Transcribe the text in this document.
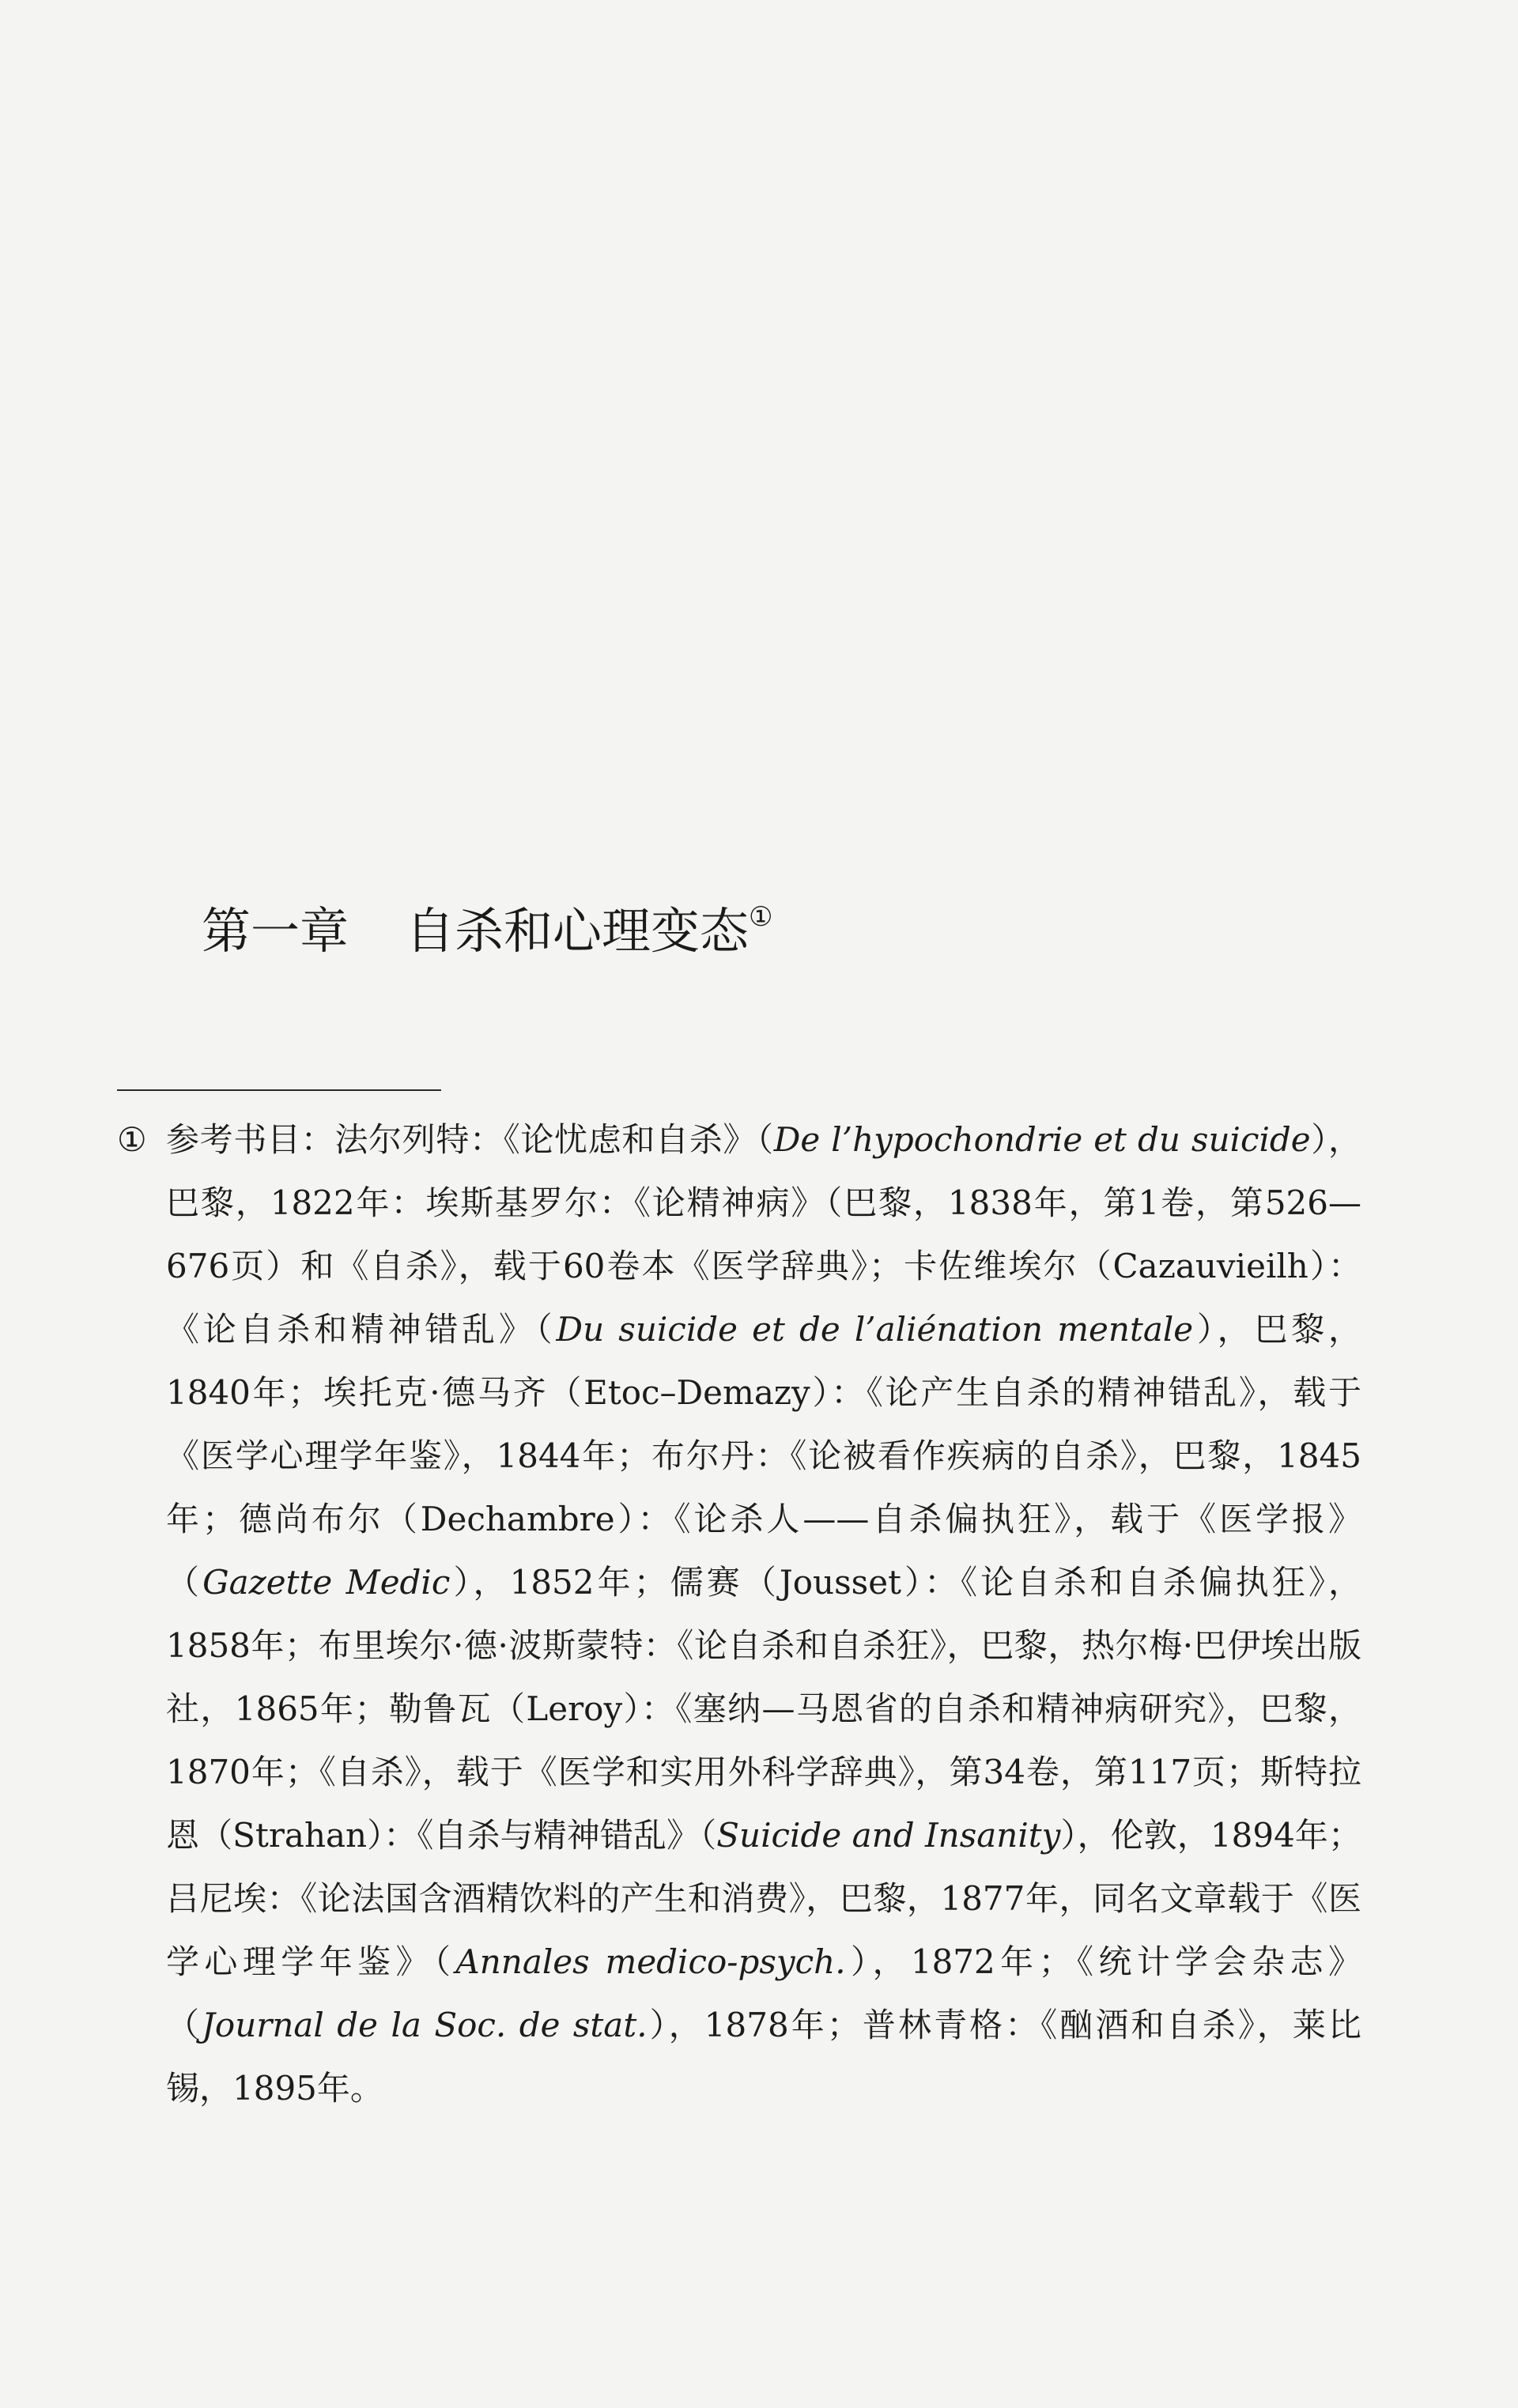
第一章 自杀和心理变态①
① 参考书目：法尔列特：《论忧虑和自杀》（De l’hypochondrie et du suicide），巴黎，1822年：埃斯基罗尔：《论精神病》（巴黎，1838年，第1卷，第526—676页）和《自杀》，载于60卷本《医学辞典》；卡佐维埃尔（Cazauvieilh）：《论自杀和精神错乱》（Du suicide et de l’aliénation mentale），巴黎，1840年；埃托克·德马齐（Etoc–Demazy）：《论产生自杀的精神错乱》，载于《医学心理学年鉴》，1844年；布尔丹：《论被看作疾病的自杀》，巴黎，1845年；德尚布尔（Dechambre）：《论杀人——自杀偏执狂》，载于《医学报》（Gazette Medic），1852年；儒赛（Jousset）：《论自杀和自杀偏执狂》，1858年；布里埃尔·德·波斯蒙特：《论自杀和自杀狂》，巴黎，热尔梅·巴伊埃出版社，1865年；勒鲁瓦（Leroy）：《塞纳—马恩省的自杀和精神病研究》，巴黎，1870年；《自杀》，载于《医学和实用外科学辞典》，第34卷，第117页；斯特拉恩（Strahan）：《自杀与精神错乱》（Suicide and Insanity），伦敦，1894年；吕尼埃：《论法国含酒精饮料的产生和消费》，巴黎，1877年，同名文章载于《医学心理学年鉴》（Annales medico-psych.），1872年；《统计学会杂志》（Journal de la Soc. de stat.），1878年；普林青格：《酗酒和自杀》，莱比锡，1895年。
